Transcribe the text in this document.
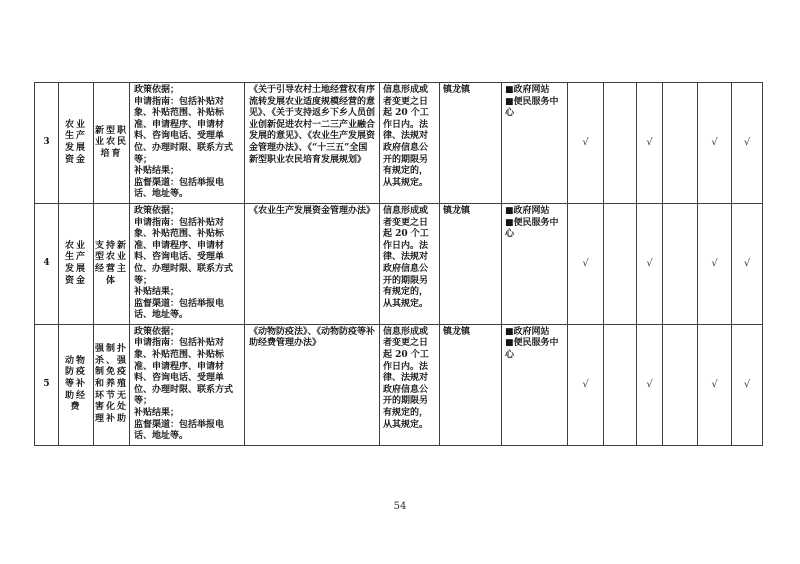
3	农业生产发展资金	新型职业农民培育	
政策依据；
申请指南：包括补贴对象、补贴范围、补贴标准、申请程序、申请材料、咨询电话、受理单位、办理时限、联系方式等；
补贴结果；
监督渠道：包括举报电话、地址等。
	《关于引导农村土地经营权有序流转发展农业适度规模经营的意见》、《关于支持返乡下乡人员创业创新促进农村一二三产业融合发展的意见》、《农业生产发展资金管理办法》、《“十三五”全国新型职业农民培育发展规划》	信息形成或者变更之日起 20 个工作日内。法律、法规对政府信息公开的期限另有规定的，从其规定。	镇龙镇	■政府网站
■便民服务中心
	√		√		√	√
4	农业生产发展资金	支持新型农业经营主体	
政策依据；
申请指南：包括补贴对象、补贴范围、补贴标准、申请程序、申请材料、咨询电话、受理单位、办理时限、联系方式等；
补贴结果；
监督渠道：包括举报电话、地址等。
	《农业生产发展资金管理办法》	信息形成或者变更之日起 20 个工作日内。法律、法规对政府信息公开的期限另有规定的，从其规定。	镇龙镇	■政府网站
■便民服务中心
	√		√		√	√
5	动物防疫等补助经费	强制扑杀、强制免疫和养殖环节无害化处理补助	
政策依据；
申请指南：包括补贴对象、补贴范围、补贴标准、申请程序、申请材料、咨询电话、受理单位、办理时限、联系方式等；
补贴结果；
监督渠道：包括举报电话、地址等。
	《动物防疫法》、《动物防疫等补助经费管理办法》	信息形成或者变更之日起 20 个工作日内。法律、法规对政府信息公开的期限另有规定的，从其规定。	镇龙镇	■政府网站
■便民服务中心
	√		√		√	√
54
